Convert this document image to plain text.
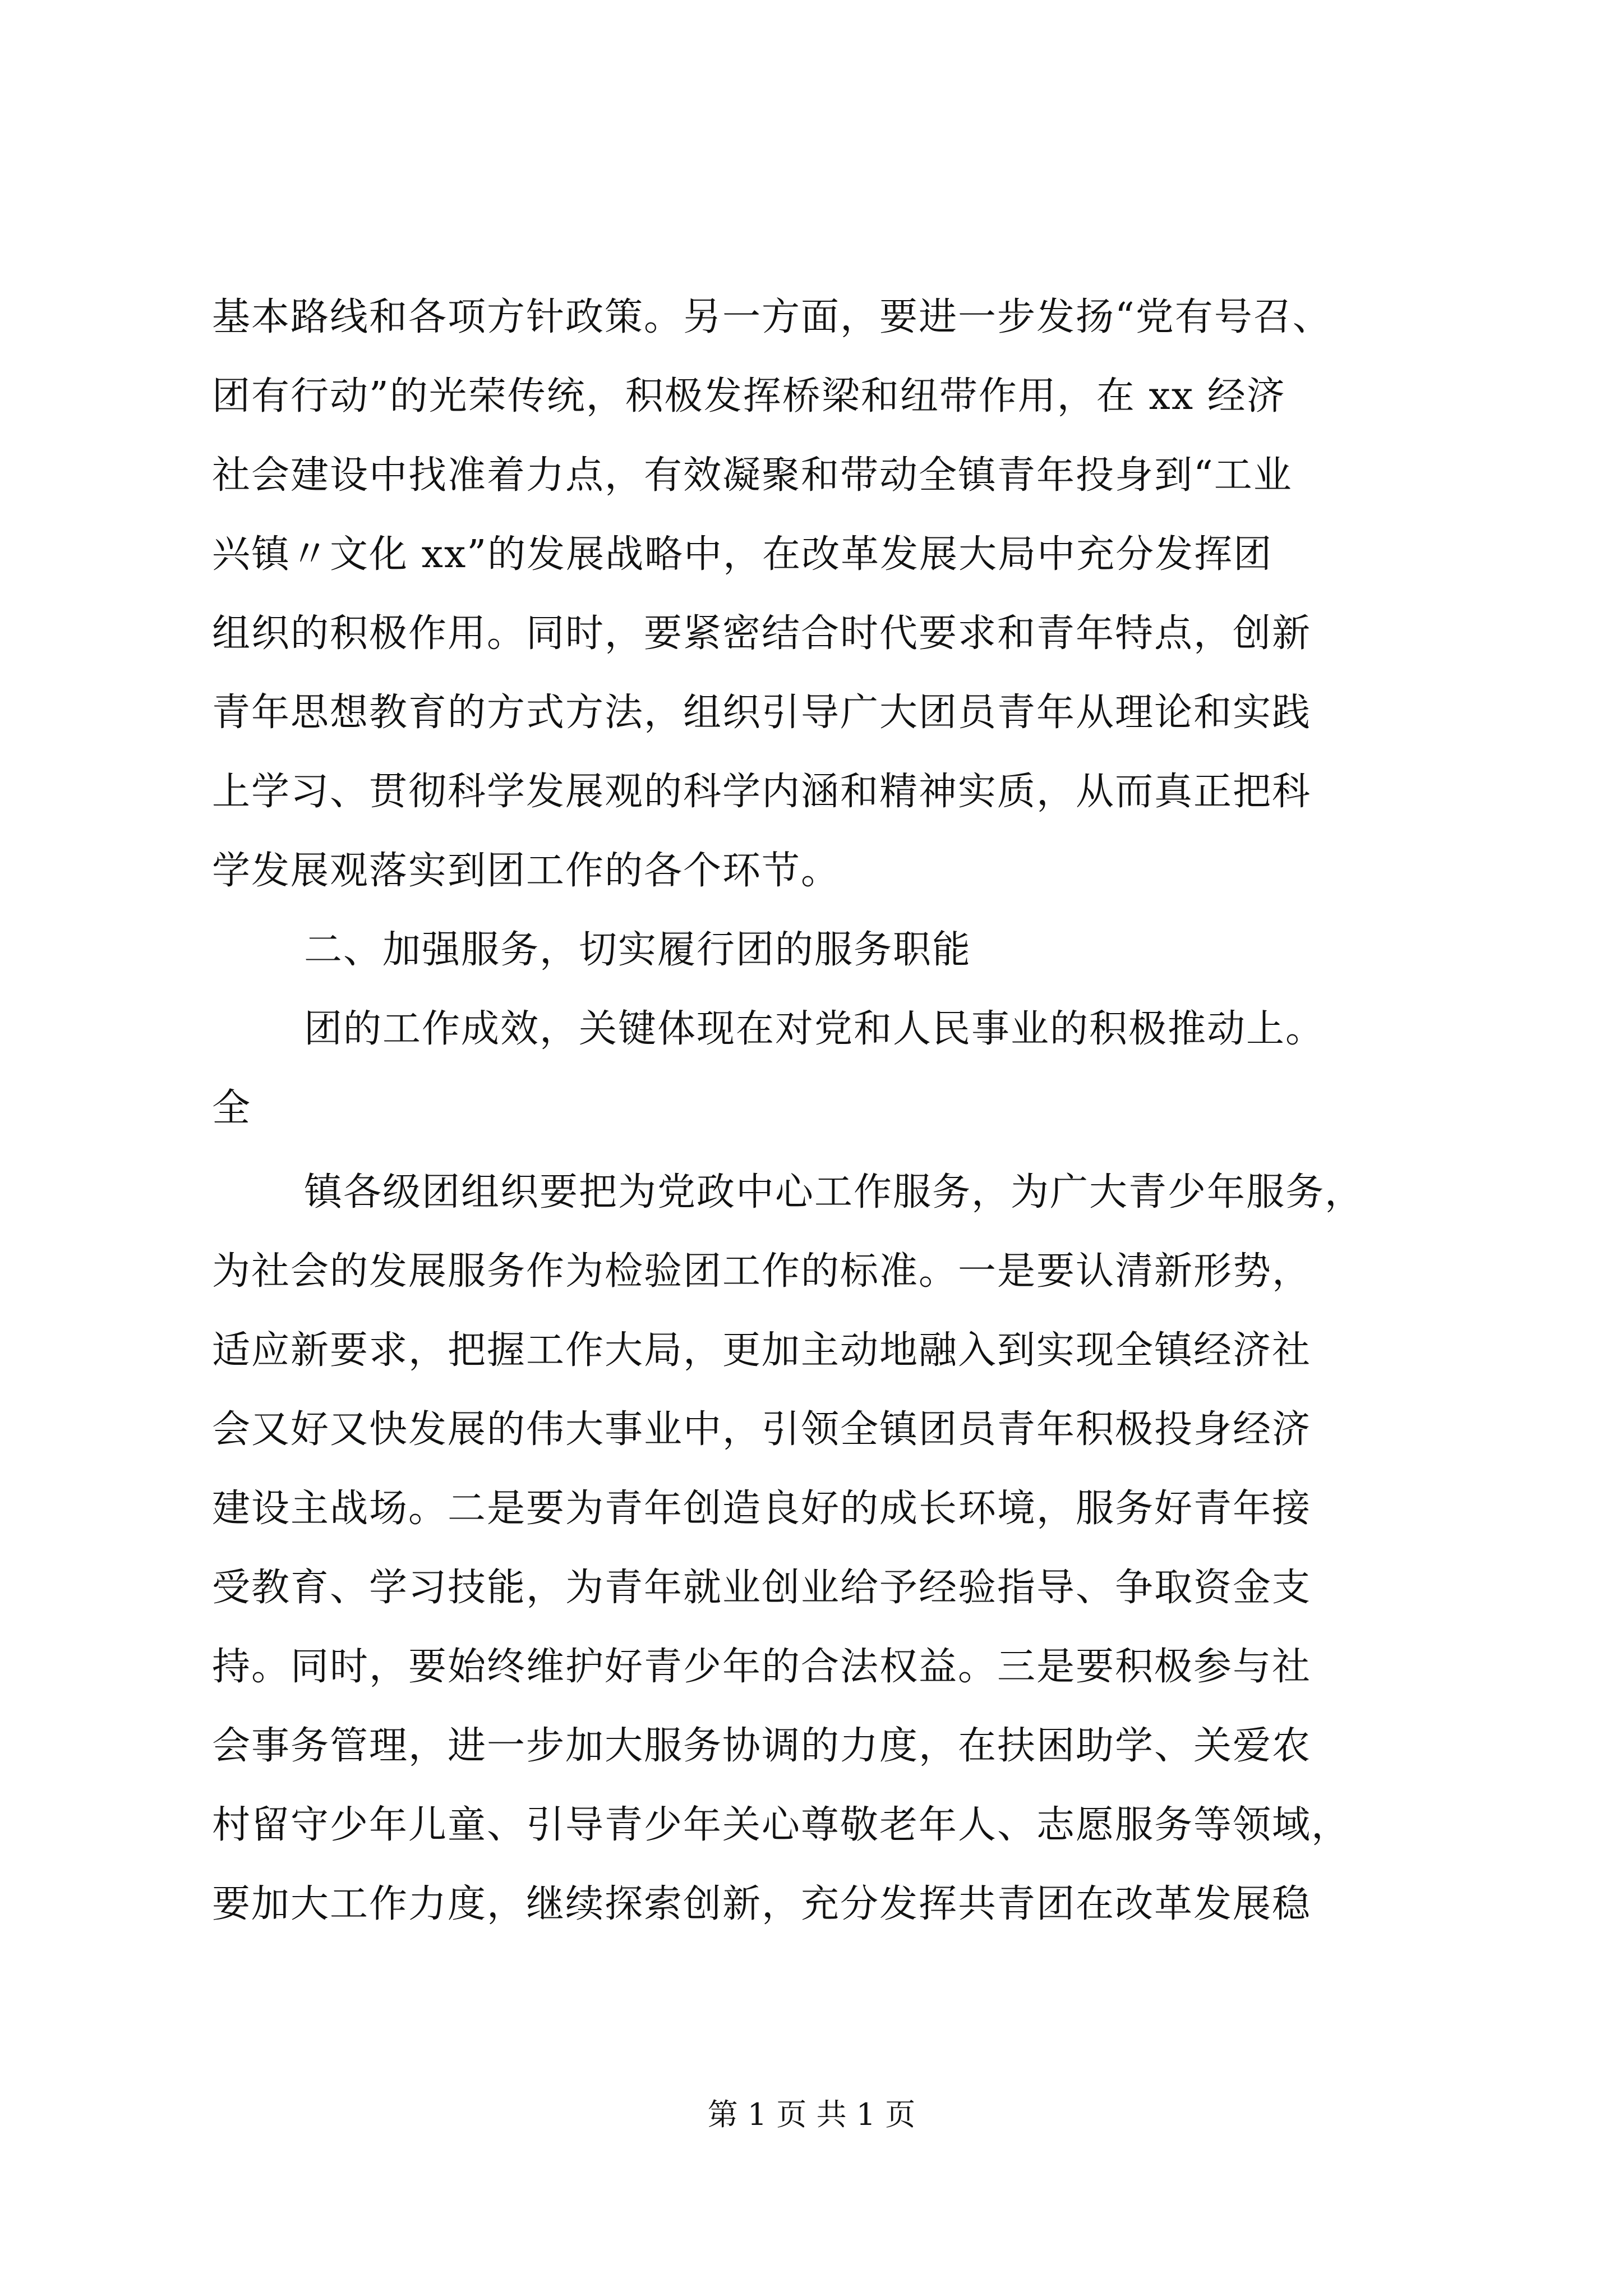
基本路线和各项方针政策。另一方面，要进一步发扬“党有号召、
团有行动”的光荣传统，积极发挥桥梁和纽带作用，在 xx 经济
社会建设中找准着力点，有效凝聚和带动全镇青年投身到“工业
兴镇〃文化 xx”的发展战略中，在改革发展大局中充分发挥团
组织的积极作用。同时，要紧密结合时代要求和青年特点，创新
青年思想教育的方式方法，组织引导广大团员青年从理论和实践
上学习、贯彻科学发展观的科学内涵和精神实质，从而真正把科
学发展观落实到团工作的各个环节。
二、加强服务，切实履行团的服务职能
团的工作成效，关键体现在对党和人民事业的积极推动上。
全
镇各级团组织要把为党政中心工作服务，为广大青少年服务，
为社会的发展服务作为检验团工作的标准。一是要认清新形势，
适应新要求，把握工作大局，更加主动地融入到实现全镇经济社
会又好又快发展的伟大事业中，引领全镇团员青年积极投身经济
建设主战场。二是要为青年创造良好的成长环境，服务好青年接
受教育、学习技能，为青年就业创业给予经验指导、争取资金支
持。同时，要始终维护好青少年的合法权益。三是要积极参与社
会事务管理，进一步加大服务协调的力度，在扶困助学、关爱农
村留守少年儿童、引导青少年关心尊敬老年人、志愿服务等领域，
要加大工作力度，继续探索创新，充分发挥共青团在改革发展稳
第 1 页 共 1 页
